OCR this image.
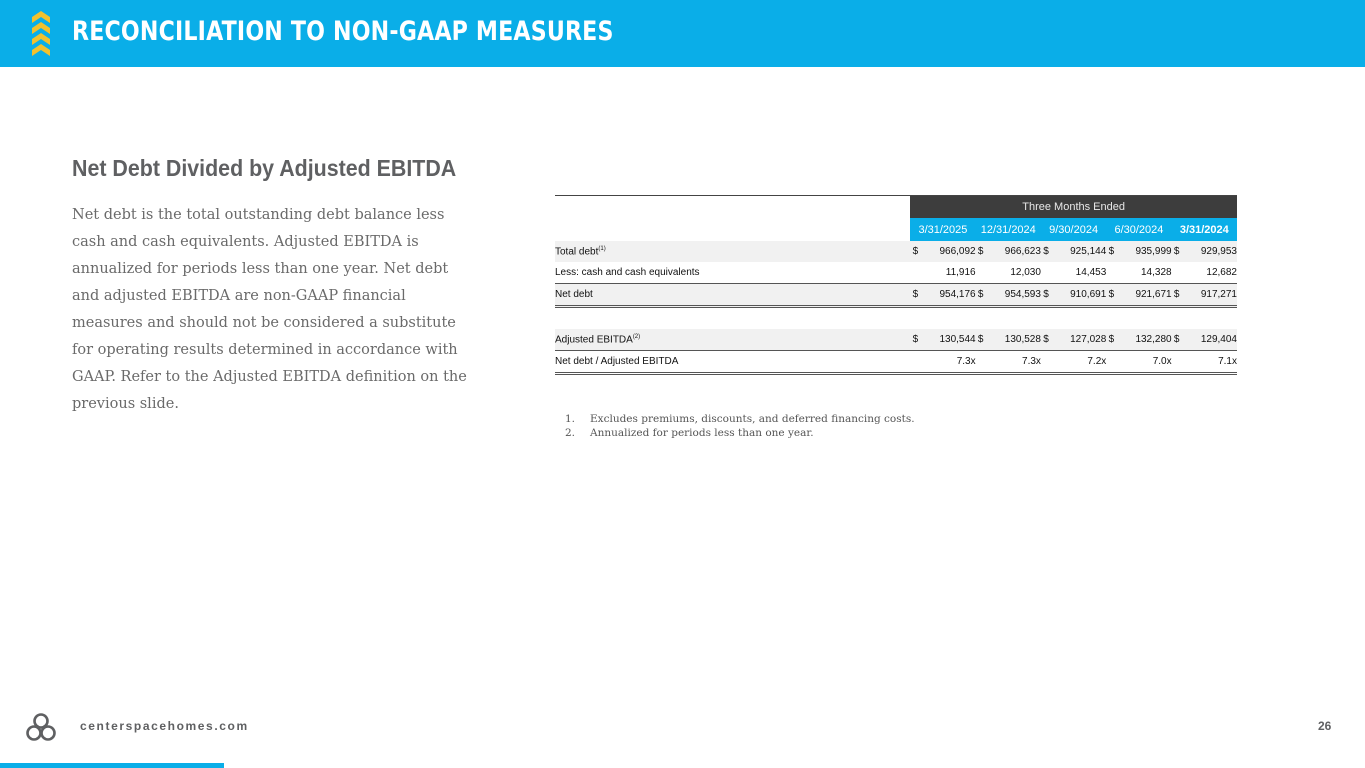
RECONCILIATION TO NON-GAAP MEASURES
Net Debt Divided by Adjusted EBITDA
Net debt is the total outstanding debt balance less cash and cash equivalents. Adjusted EBITDA is annualized for periods less than one year. Net debt and adjusted EBITDA are non-GAAP financial measures and should not be considered a substitute for operating results determined in accordance with GAAP. Refer to the Adjusted EBITDA definition on the previous slide.
	Three Months Ended									
	3/31/2025		12/31/2024		9/30/2024		6/30/2024		3/31/2024	
Total debt$^{(1)}$	$	966,092	$	966,623	$	925,144	$	935,999	$	929,953
Less: cash and cash equivalents		11,916		12,030		14,453		14,328		12,682
Net debt	$	954,176	$	954,593	$	910,691	$	921,671	$	917,271

Adjusted EBITDA$^{(2)}$	$	130,544	$	130,528	$	127,028	$	132,280	$	129,404
Net debt / Adjusted EBITDA		7.3x		7.3x		7.2x		7.0x		7.1x
1. Excludes premiums, discounts, and deferred financing costs.
2. Annualized for periods less than one year.
centerspacehomes.com	26
